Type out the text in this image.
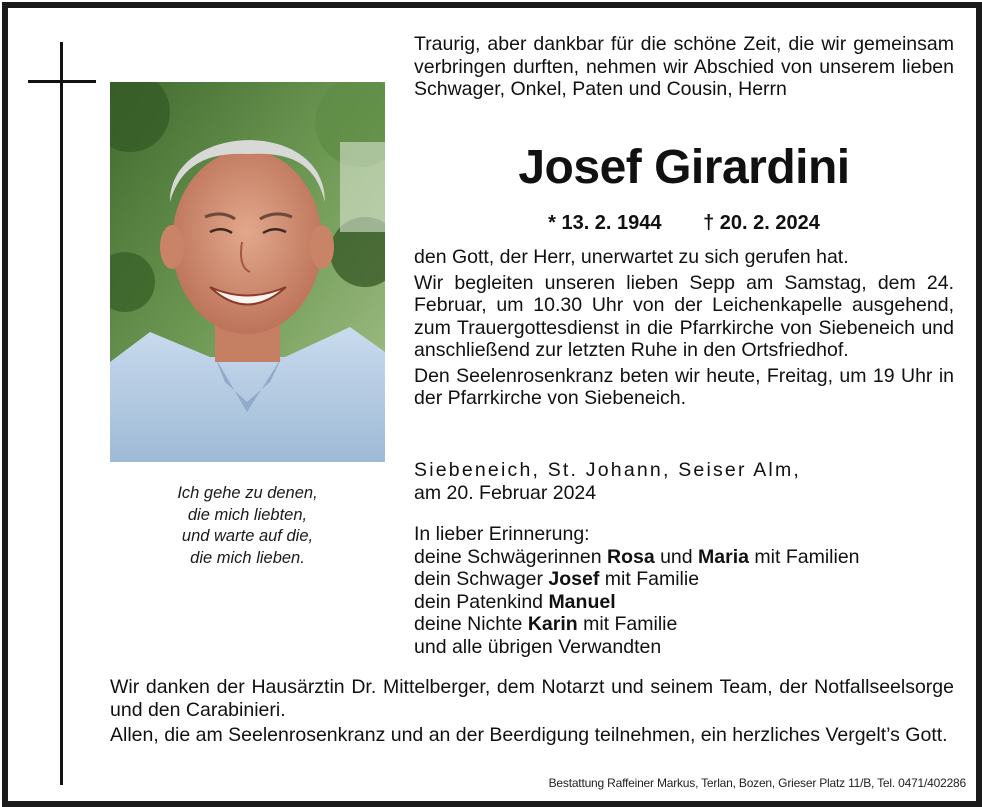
Ich gehe zu denen,
die mich liebten,
und warte auf die,
die mich lieben.
Traurig, aber dankbar für die schöne Zeit, die wir gemeinsam verbringen durften, nehmen wir Abschied von unserem lieben Schwager, Onkel, Paten und Cousin, Herrn
Josef Girardini
* 13. 2. 1944 † 20. 2. 2024

den Gott, der Herr, unerwartet zu sich gerufen hat.

Wir begleiten unseren lieben Sepp am Samstag, dem 24. Februar, um 10.30 Uhr von der Leichenkapelle ausgehend, zum Trauergottesdienst in die Pfarrkirche von Siebeneich und anschließend zur letzten Ruhe in den Ortsfriedhof.

Den Seelenrosenkranz beten wir heute, Freitag, um 19 Uhr in der Pfarrkirche von Siebeneich.

Siebeneich, St. Johann, Seiser Alm,
am 20. Februar 2024
In lieber Erinnerung:
deine Schwägerinnen Rosa und Maria mit Familien
dein Schwager Josef mit Familie
dein Patenkind Manuel
deine Nichte Karin mit Familie
und alle übrigen Verwandten

Wir danken der Hausärztin Dr. Mittelberger, dem Notarzt und seinem Team, der Notfallseelsorge und den Carabinieri.

Allen, die am Seelenrosenkranz und an der Beerdigung teilnehmen, ein herzliches Vergelt’s Gott.

Bestattung Raffeiner Markus, Terlan, Bozen, Grieser Platz 11/B, Tel. 0471/402286
